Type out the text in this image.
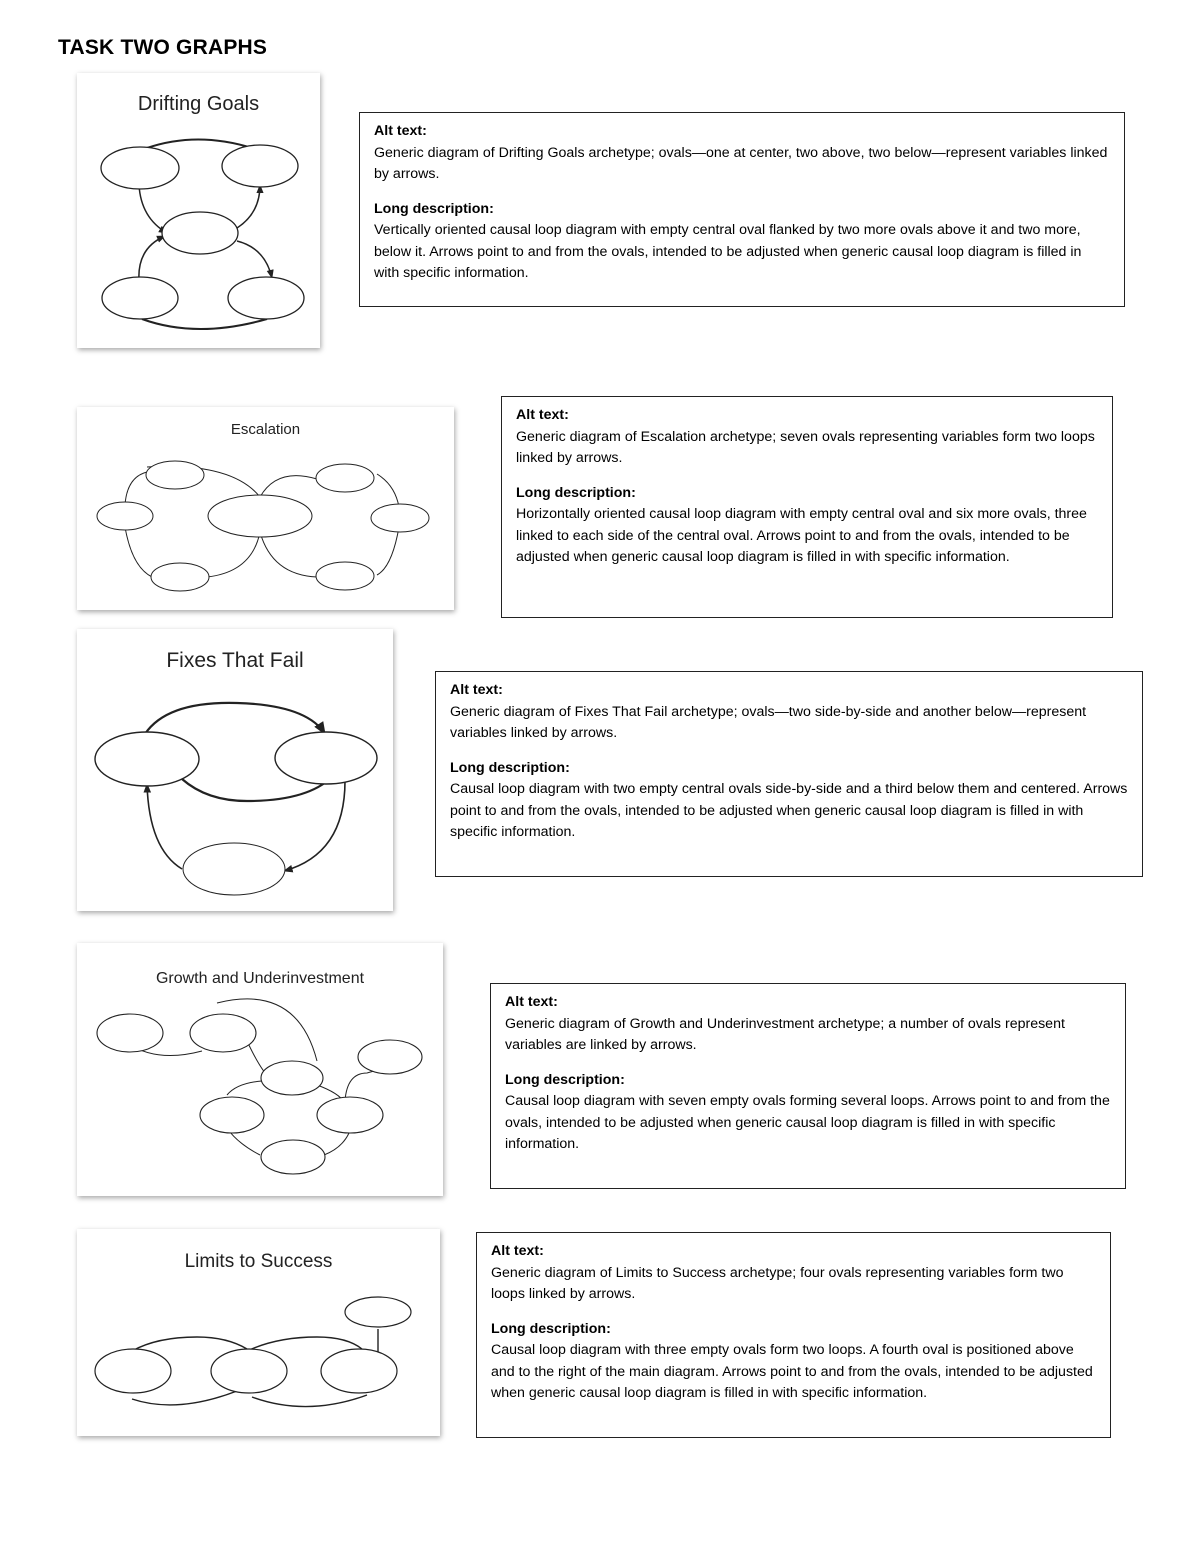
TASK TWO GRAPHS
Drifting Goals
Alt text:
Generic diagram of Drifting Goals archetype; ovals—one at center, two above, two below—represent variables linked by arrows.
Long description:
Vertically oriented causal loop diagram with empty central oval flanked by two more ovals above it and two more, below it. Arrows point to and from the ovals, intended to be adjusted when generic causal loop diagram is filled in with specific information.
Escalation
Alt text:
Generic diagram of Escalation archetype; seven ovals representing variables form two loops linked by arrows.
Long description:
Horizontally oriented causal loop diagram with empty central oval and six more ovals, three linked to each side of the central oval. Arrows point to and from the ovals, intended to be adjusted when generic causal loop diagram is filled in with specific information.
Fixes That Fail
Alt text:
Generic diagram of Fixes That Fail archetype; ovals—two side-by-side and another below—represent variables linked by arrows.
Long description:
Causal loop diagram with two empty central ovals side-by-side and a third below them and centered. Arrows point to and from the ovals, intended to be adjusted when generic causal loop diagram is filled in with specific information.
Growth and Underinvestment
Alt text:
Generic diagram of Growth and Underinvestment archetype; a number of ovals represent variables are linked by arrows.
Long description:
Causal loop diagram with seven empty ovals forming several loops. Arrows point to and from the ovals, intended to be adjusted when generic causal loop diagram is filled in with specific information.
Limits to Success	Alt text:
Generic diagram of Limits to Success archetype; four ovals representing variables form two loops linked by arrows.
Long description:
Causal loop diagram with three empty ovals form two loops. A fourth oval is positioned above and to the right of the main diagram. Arrows point to and from the ovals, intended to be adjusted when generic causal loop diagram is filled in with specific information.
